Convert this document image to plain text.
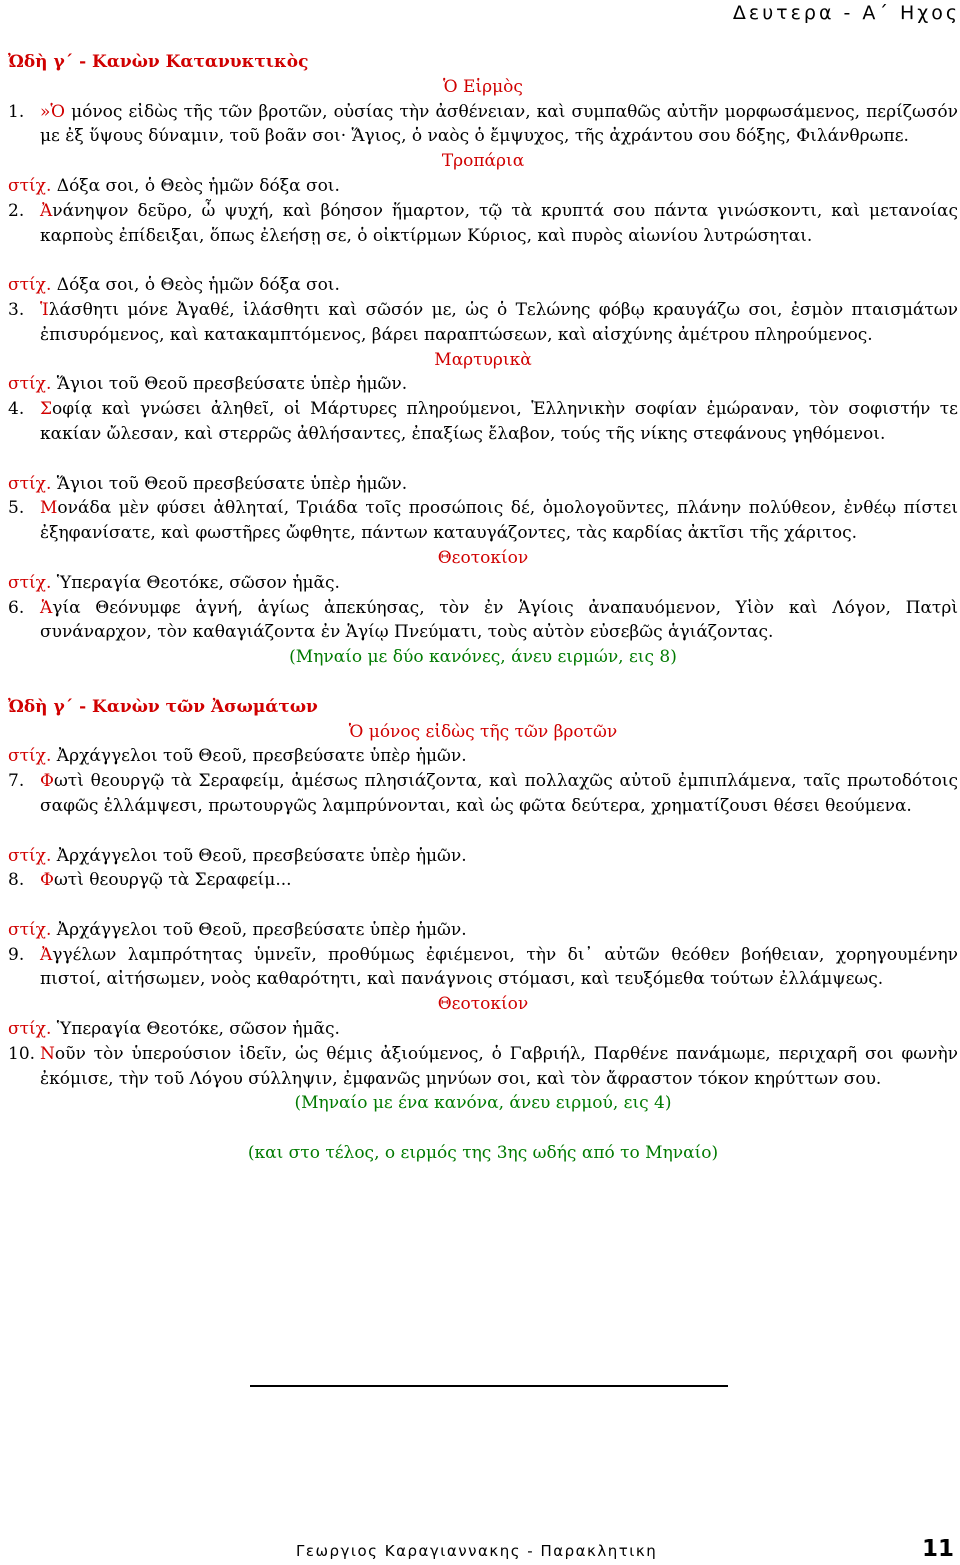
Δευτερα - Α΄ Ηχος

Ὠδὴ γ΄ - Κανὼν Κατανυκτικὸς

Ὁ Εἱρμὸς

1. »Ὁ μόνος εἰδὼς τῆς τῶν βροτῶν, οὐσίας τὴν ἀσθένειαν, καὶ συμπαθῶς αὐτῆν μορφωσάμενος, περίζωσόν με ἐξ ὕψους δύναμιν, τοῦ βοᾶν σοι· Ἅγιος, ὁ ναὸς ὁ ἔμψυχος, τῆς ἀχράντου σου δόξης, Φιλάνθρωπε.

Τροπάρια

στίχ. Δόξα σοι, ὁ Θεὸς ἡμῶν δόξα σοι.

2. Ἀνάνηψον δεῦρο, ὦ ψυχή, καὶ βόησον ἥμαρτον, τῷ τὰ κρυπτά σου πάντα γινώσκοντι, καὶ μετανοίας καρποὺς ἐπίδειξαι, ὅπως ἐλεήσῃ σε, ὁ οἰκτίρμων Κύριος, καὶ πυρὸς αἰωνίου λυτρώσηται.

στίχ. Δόξα σοι, ὁ Θεὸς ἡμῶν δόξα σοι.

3. Ἱλάσθητι μόνε Ἀγαθέ, ἱλάσθητι καὶ σῶσόν με, ὡς ὁ Τελώνης φόβῳ κραυγάζω σοι, ἐσμὸν πταισμάτων ἐπισυρόμενος, καὶ κατακαμπτόμενος, βάρει παραπτώσεων, καὶ αἰσχύνης ἀμέτρου πληρούμενος.

Μαρτυρικὰ

στίχ. Ἅγιοι τοῦ Θεοῦ πρεσβεύσατε ὑπὲρ ἡμῶν.

4. Σοφίᾳ καὶ γνώσει ἀληθεῖ, οἱ Μάρτυρες πληρούμενοι, Ἑλληνικὴν σοφίαν ἐμώραναν, τὸν σοφιστήν τε κακίαν ὤλεσαν, καὶ στερρῶς ἀθλήσαντες, ἐπαξίως ἔλαβον, τούς τῆς νίκης στεφάνους γηθόμενοι.

στίχ. Ἅγιοι τοῦ Θεοῦ πρεσβεύσατε ὑπὲρ ἡμῶν.

5. Μονάδα μὲν φύσει ἀθληταί, Τριάδα τοῖς προσώποις δέ, ὁμολογοῦντες, πλάνην πολύθεον, ἐνθέῳ πίστει ἐξηφανίσατε, καὶ φωστῆρες ὤφθητε, πάντων καταυγάζοντες, τὰς καρδίας ἀκτῖσι τῆς χάριτος.

Θεοτοκίον

στίχ. Ὑπεραγία Θεοτόκε, σῶσον ἡμᾶς.

6. Ἁγία Θεόνυμφε ἁγνή, ἁγίως ἀπεκύησας, τὸν ἐν Ἁγίοις ἀναπαυόμενον, Υἱὸν καὶ Λόγον, Πατρὶ συνάναρχον, τὸν καθαγιάζοντα ἐν Ἁγίῳ Πνεύματι, τοὺς αὐτὸν εὐσεβῶς ἁγιάζοντας.

(Μηναίο με δύο κανόνες, άνευ ειρμών, εις 8)

Ὠδὴ γ΄ - Κανὼν τῶν Ἀσωμάτων

Ὁ μόνος εἰδὼς τῆς τῶν βροτῶν

στίχ. Ἀρχάγγελοι τοῦ Θεοῦ, πρεσβεύσατε ὑπὲρ ἡμῶν.

7. Φωτὶ θεουργῷ τὰ Σεραφείμ, ἀμέσως πλησιάζοντα, καὶ πολλαχῶς αὐτοῦ ἐμπιπλάμενα, ταῖς πρωτοδότοις σαφῶς ἐλλάμψεσι, πρωτουργῶς λαμπρύνονται, καὶ ὡς φῶτα δεύτερα, χρηματίζουσι θέσει θεούμενα.

στίχ. Ἀρχάγγελοι τοῦ Θεοῦ, πρεσβεύσατε ὑπὲρ ἡμῶν.

8. Φωτὶ θεουργῷ τὰ Σεραφείμ...

στίχ. Ἀρχάγγελοι τοῦ Θεοῦ, πρεσβεύσατε ὑπὲρ ἡμῶν.

9. Ἀγγέλων λαμπρότητας ὑμνεῖν, προθύμως ἐφιέμενοι, τὴν δι᾽ αὐτῶν θεόθεν βοήθειαν, χορηγουμένην πιστοί, αἰτήσωμεν, νοὸς καθαρότητι, καὶ πανάγνοις στόμασι, καὶ τευξόμεθα τούτων ἐλλάμψεως.

Θεοτοκίον

στίχ. Ὑπεραγία Θεοτόκε, σῶσον ἡμᾶς.

10. Νοῦν τὸν ὑπερούσιον ἰδεῖν, ὡς θέμις ἀξιούμενος, ὁ Γαβριήλ, Παρθένε πανάμωμε, περιχαρῆ σοι φωνὴν ἐκόμισε, τὴν τοῦ Λόγου σύλληψιν, ἐμφανῶς μηνύων σοι, καὶ τὸν ἄφραστον τόκον κηρύττων σου.

(Μηναίο με ένα κανόνα, άνευ ειρμού, εις 4)

(και στο τέλος, ο ειρμός της 3ης ωδής από το Μηναίο)

Γεωργιος Καραγιαννακης - Παρακλητικη	11
